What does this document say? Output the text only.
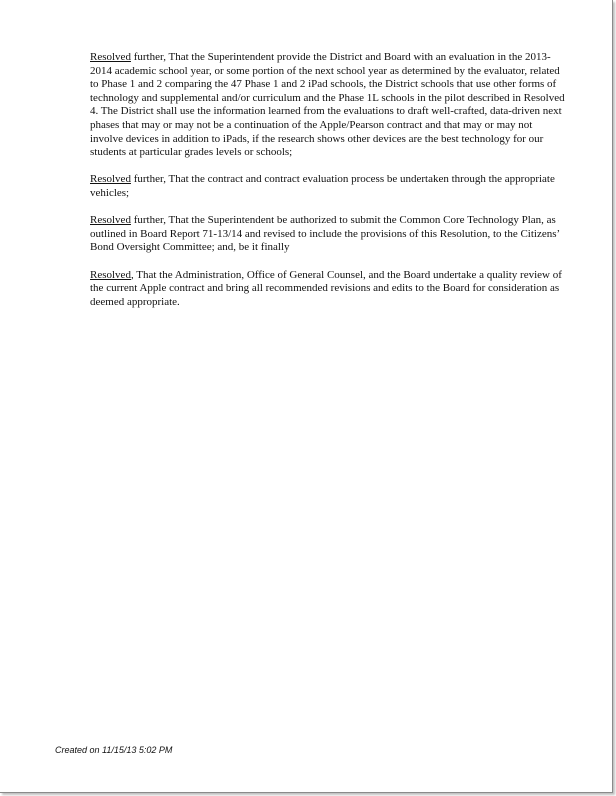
Resolved further, That the Superintendent provide the District and Board with an evaluation in the 2013-2014 academic school year, or some portion of the next school year as determined by the evaluator, related to Phase 1 and 2 comparing the 47 Phase 1 and 2 iPad schools, the District schools that use other forms of technology and supplemental and/or curriculum and the Phase 1L schools in the pilot described in Resolved 4. The District shall use the information learned from the evaluations to draft well-crafted, data-driven next phases that may or may not be a continuation of the Apple/Pearson contract and that may or may not involve devices in addition to iPads, if the research shows other devices are the best technology for our students at particular grades levels or schools;

Resolved further, That the contract and contract evaluation process be undertaken through the appropriate vehicles;

Resolved further, That the Superintendent be authorized to submit the Common Core Technology Plan, as outlined in Board Report 71-13/14 and revised to include the provisions of this Resolution, to the Citizens’ Bond Oversight Committee; and, be it finally

Resolved, That the Administration, Office of General Counsel, and the Board undertake a quality review of the current Apple contract and bring all recommended revisions and edits to the Board for consideration as deemed appropriate.

Created on 11/15/13 5:02 PM
